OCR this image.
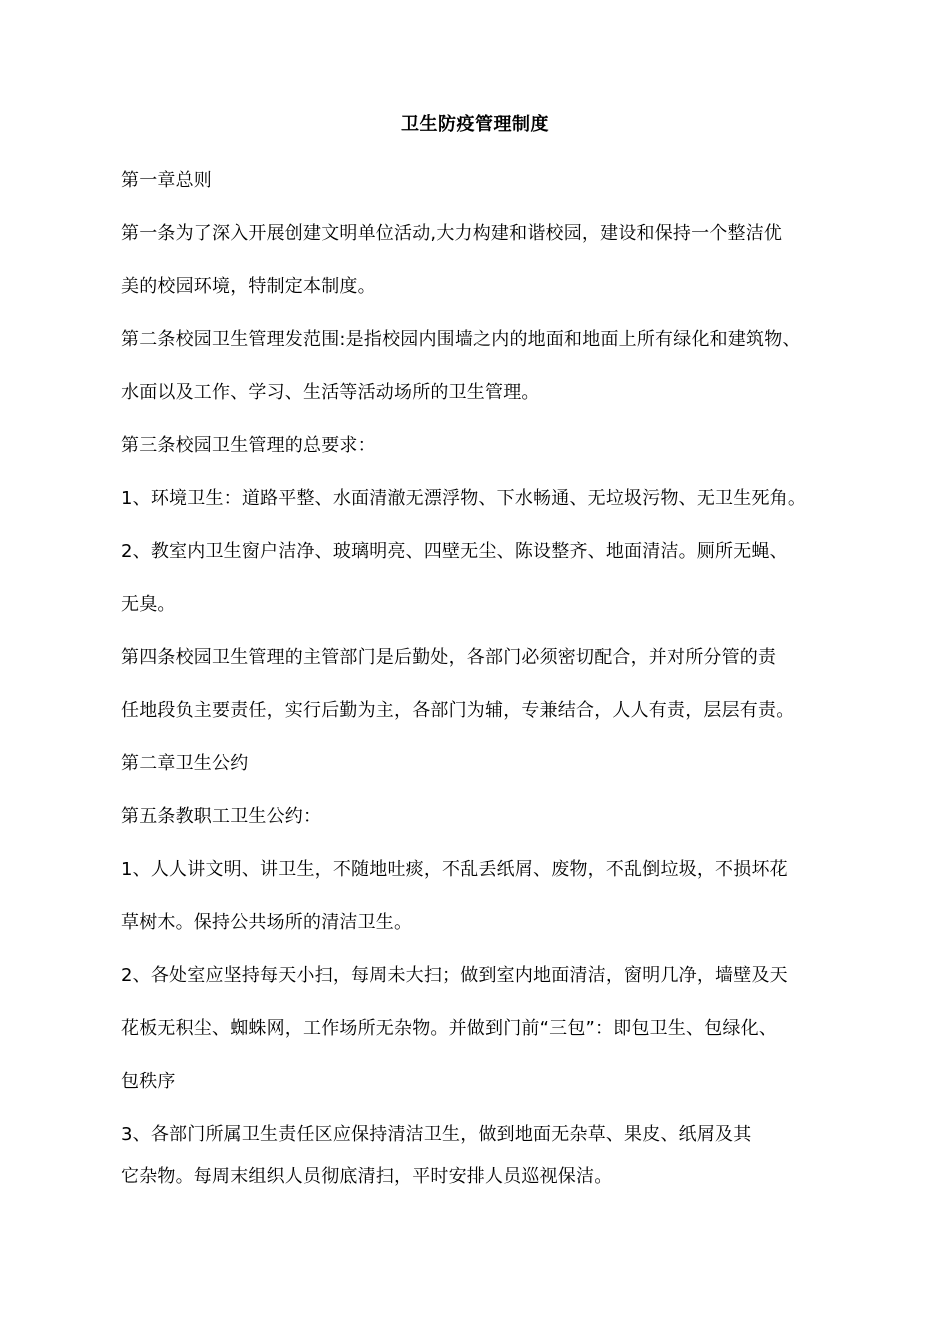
卫生防疫管理制度
第一章总则
第一条为了深入开展创建文明单位活动,大力构建和谐校园，建设和保持一个整洁优
美的校园环境，特制定本制度。
第二条校园卫生管理发范围:是指校园内围墙之内的地面和地面上所有绿化和建筑物、
水面以及工作、学习、生活等活动场所的卫生管理。
第三条校园卫生管理的总要求：
1、环境卫生：道路平整、水面清澈无漂浮物、下水畅通、无垃圾污物、无卫生死角。
2、教室内卫生窗户洁净、玻璃明亮、四壁无尘、陈设整齐、地面清洁。厕所无蝇、
无臭。
第四条校园卫生管理的主管部门是后勤处，各部门必须密切配合，并对所分管的责
任地段负主要责任，实行后勤为主，各部门为辅，专兼结合，人人有责，层层有责。
第二章卫生公约
第五条教职工卫生公约：
1、人人讲文明、讲卫生，不随地吐痰，不乱丢纸屑、废物，不乱倒垃圾，不损坏花
草树木。保持公共场所的清洁卫生。
2、各处室应坚持每天小扫，每周未大扫；做到室内地面清洁，窗明几净，墙壁及天
花板无积尘、蜘蛛网，工作场所无杂物。并做到门前“三包”：即包卫生、包绿化、
包秩序
3、各部门所属卫生责任区应保持清洁卫生，做到地面无杂草、果皮、纸屑及其
它杂物。每周末组织人员彻底清扫，平时安排人员巡视保洁。
